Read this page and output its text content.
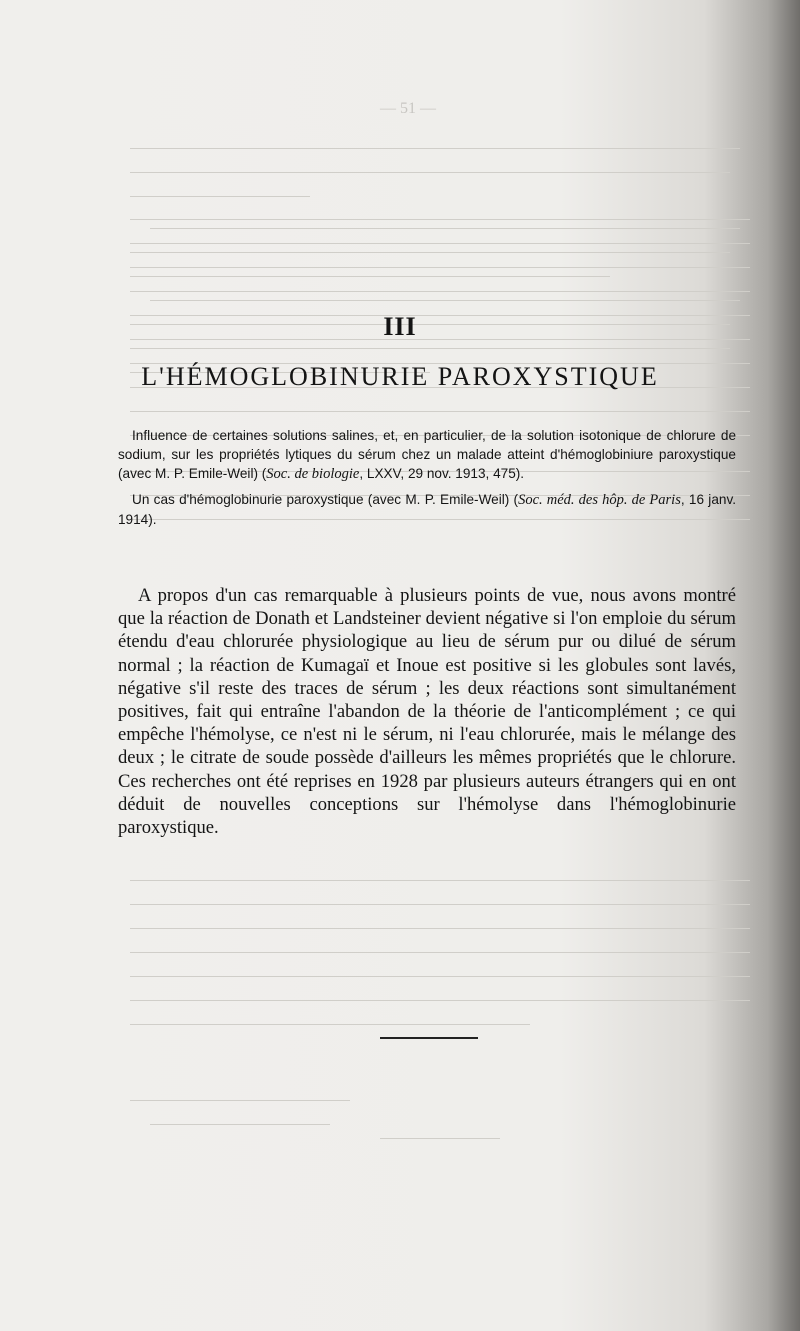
— 51 —
III
L'HÉMOGLOBINURIE PAROXYSTIQUE

Influence de certaines solutions salines, et, en particulier, de la solution isotonique de chlorure de sodium, sur les propriétés lytiques du sérum chez un malade atteint d'hémoglobiniure paroxystique (avec M. P. Emile-Weil) (Soc. de biologie, LXXV, 29 nov. 1913, 475).

Un cas d'hémoglobinurie paroxystique (avec M. P. Emile-Weil) (Soc. méd. des hôp. de Paris, 16 janv. 1914).

A propos d'un cas remarquable à plusieurs points de vue, nous avons montré que la réaction de Donath et Landsteiner devient négative si l'on emploie du sérum étendu d'eau chlorurée physiologique au lieu de sérum pur ou dilué de sérum normal ; la réaction de Kumagaï et Inoue est positive si les globules sont lavés, négative s'il reste des traces de sérum ; les deux réactions sont simultanément positives, fait qui entraîne l'abandon de la théorie de l'anticomplément ; ce qui empêche l'hémolyse, ce n'est ni le sérum, ni l'eau chlorurée, mais le mélange des deux ; le citrate de soude possède d'ailleurs les mêmes propriétés que le chlorure. Ces recherches ont été reprises en 1928 par plusieurs auteurs étrangers qui en ont déduit de nouvelles conceptions sur l'hémolyse dans l'hémoglobinurie paroxystique.
